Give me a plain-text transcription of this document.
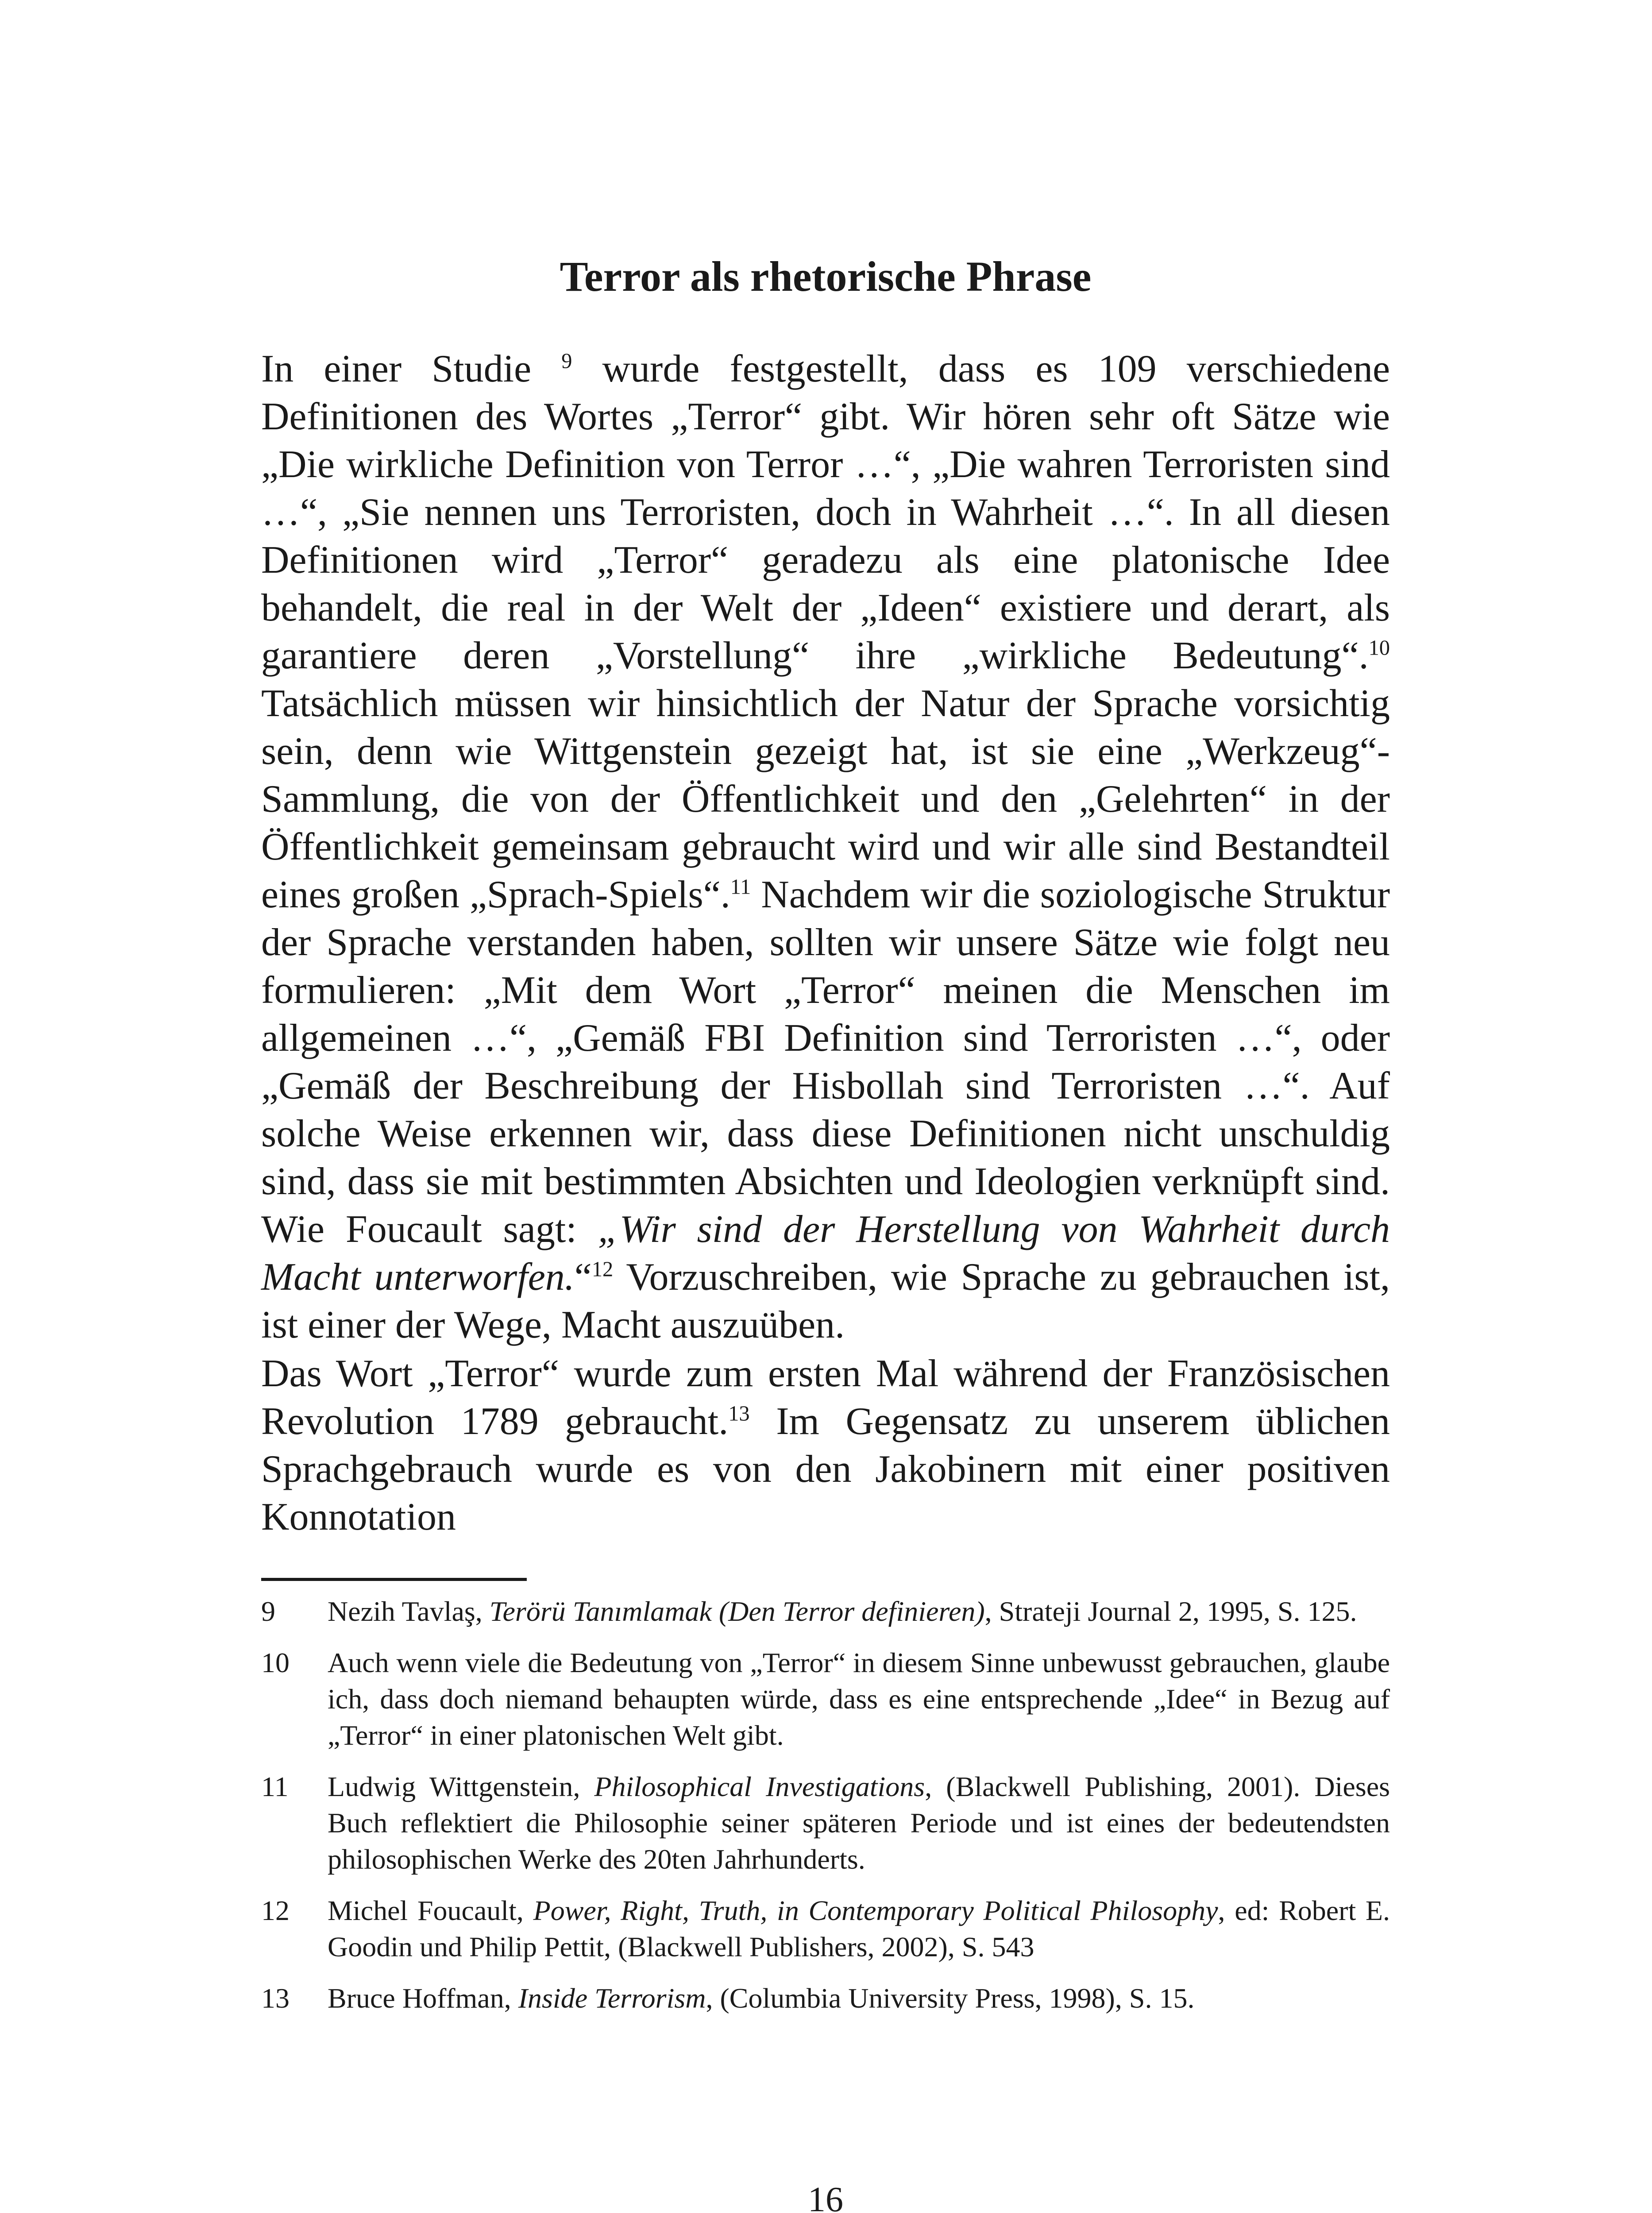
Terror als rhetorische Phrase

In einer Studie $^9$ wurde festgestellt, dass es 109 verschiedene Definitionen des Wortes „Terror“ gibt. Wir hören sehr oft Sätze wie „Die wirkliche Definition von Terror …“, „Die wahren Terroristen sind …“, „Sie nennen uns Terroristen, doch in Wahrheit …“. In all diesen Definitionen wird „Terror“ geradezu als eine platonische Idee behandelt, die real in der Welt der „Ideen“ existiere und derart, als garantiere deren „Vorstellung“ ihre „wirkliche Bedeutung“.$^{10}$ Tatsächlich müssen wir hinsichtlich der Natur der Sprache vorsichtig sein, denn wie Wittgenstein gezeigt hat, ist sie eine „Werkzeug“-Sammlung, die von der Öffentlichkeit und den „Gelehrten“ in der Öffentlichkeit gemeinsam gebraucht wird und wir alle sind Bestandteil eines großen „Sprach-Spiels“.$^{11}$ Nachdem wir die soziologische Struktur der Sprache verstanden haben, sollten wir unsere Sätze wie folgt neu formulieren: „Mit dem Wort „Terror“ meinen die Menschen im allgemeinen …“, „Gemäß FBI Definition sind Terroristen …“, oder „Gemäß der Beschreibung der Hisbollah sind Terroristen …“. Auf solche Weise erkennen wir, dass diese Definitionen nicht unschuldig sind, dass sie mit bestimmten Absichten und Ideologien verknüpft sind. Wie Foucault sagt: „Wir sind der Herstellung von Wahrheit durch Macht unterworfen.“$^{12}$ Vorzuschreiben, wie Sprache zu gebrauchen ist, ist einer der Wege, Macht auszuüben.

Das Wort „Terror“ wurde zum ersten Mal während der Französischen Revolution 1789 gebraucht.$^{13}$ Im Gegensatz zu unserem üblichen Sprachgebrauch wurde es von den Jakobinern mit einer positiven Konnotation

9	Nezih Tavlaş, Terörü Tanımlamak (Den Terror definieren), Strateji Journal 2, 1995, S. 125.
10	Auch wenn viele die Bedeutung von „Terror“ in diesem Sinne unbewusst gebrauchen, glaube ich, dass doch niemand behaupten würde, dass es eine entsprechende „Idee“ in Bezug auf „Terror“ in einer platonischen Welt gibt.
11	Ludwig Wittgenstein, Philosophical Investigations, (Blackwell Publishing, 2001). Dieses Buch reflektiert die Philosophie seiner späteren Periode und ist eines der bedeutendsten philosophischen Werke des 20ten Jahrhunderts.
12	Michel Foucault, Power, Right, Truth, in Contemporary Political Philosophy, ed: Robert E. Goodin und Philip Pettit, (Blackwell Publishers, 2002), S. 543
13	Bruce Hoffman, Inside Terrorism, (Columbia University Press, 1998), S. 15.
16
